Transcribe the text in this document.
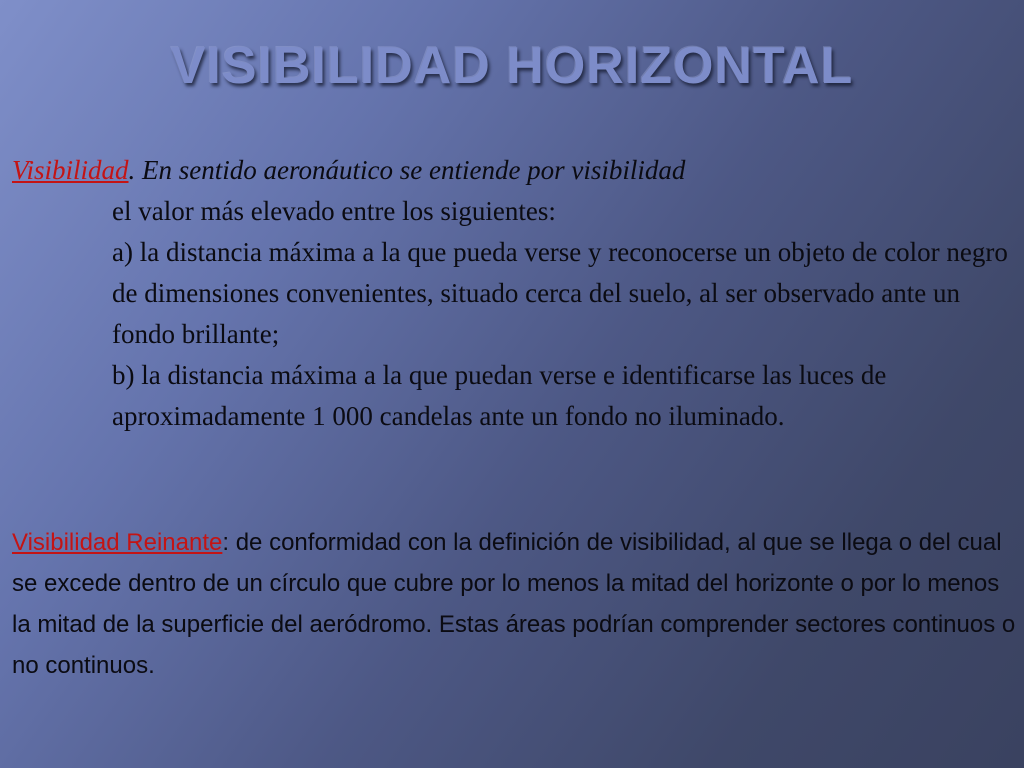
VISIBILIDAD HORIZONTAL
Visibilidad. En sentido aeronáutico se entiende por visibilidad
el valor más elevado entre los siguientes:
a) la distancia máxima a la que pueda verse y reconocerse un objeto de color negro de dimensiones convenientes, situado cerca del suelo, al ser observado ante un fondo brillante;
b) la distancia máxima a la que puedan verse e identificarse las luces de aproximadamente 1 000 candelas ante un fondo no iluminado.
Visibilidad Reinante: de conformidad con la definición de visibilidad, al que se llega o del cual se excede dentro de un círculo que cubre por lo menos la mitad del horizonte o por lo menos la mitad de la superficie del aeródromo. Estas áreas podrían comprender sectores continuos o no continuos.
